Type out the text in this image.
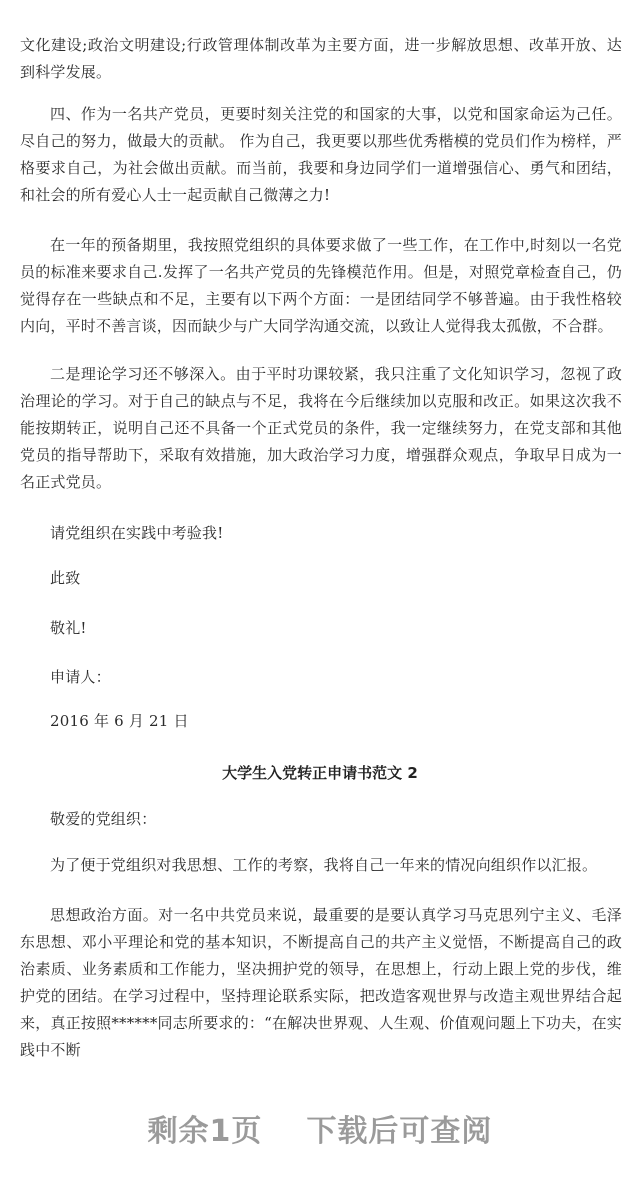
文化建设;政治文明建设;行政管理体制改革为主要方面，进一步解放思想、改革开放、达到科学发展。

四、作为一名共产党员，更要时刻关注党的和国家的大事，以党和国家命运为己任。尽自己的努力，做最大的贡献。 作为自己，我更要以那些优秀楷模的党员们作为榜样，严格要求自己，为社会做出贡献。而当前，我要和身边同学们一道增强信心、勇气和团结，和社会的所有爱心人士一起贡献自己微薄之力!

在一年的预备期里，我按照党组织的具体要求做了一些工作，在工作中,时刻以一名党员的标准来要求自己.发挥了一名共产党员的先锋模范作用。但是，对照党章检查自己，仍觉得存在一些缺点和不足，主要有以下两个方面：一是团结同学不够普遍。由于我性格较内向，平时不善言谈，因而缺少与广大同学沟通交流，以致让人觉得我太孤傲，不合群。

二是理论学习还不够深入。由于平时功课较紧，我只注重了文化知识学习，忽视了政治理论的学习。对于自己的缺点与不足，我将在今后继续加以克服和改正。如果这次我不能按期转正，说明自己还不具备一个正式党员的条件，我一定继续努力，在党支部和其他党员的指导帮助下，采取有效措施，加大政治学习力度，增强群众观点，争取早日成为一名正式党员。

请党组织在实践中考验我!

此致

敬礼!

申请人：

2016 年 6 月 21 日

大学生入党转正申请书范文 2

敬爱的党组织：

为了便于党组织对我思想、工作的考察，我将自己一年来的情况向组织作以汇报。

思想政治方面。对一名中共党员来说，最重要的是要认真学习马克思列宁主义、毛泽东思想、邓小平理论和党的基本知识，不断提高自己的共产主义觉悟，不断提高自己的政治素质、业务素质和工作能力，坚决拥护党的领导，在思想上，行动上跟上党的步伐，维护党的团结。在学习过程中，坚持理论联系实际，把改造客观世界与改造主观世界结合起来，真正按照******同志所要求的：“在解决世界观、人生观、价值观问题上下功夫，在实践中不断

剩余1页 下载后可查阅
